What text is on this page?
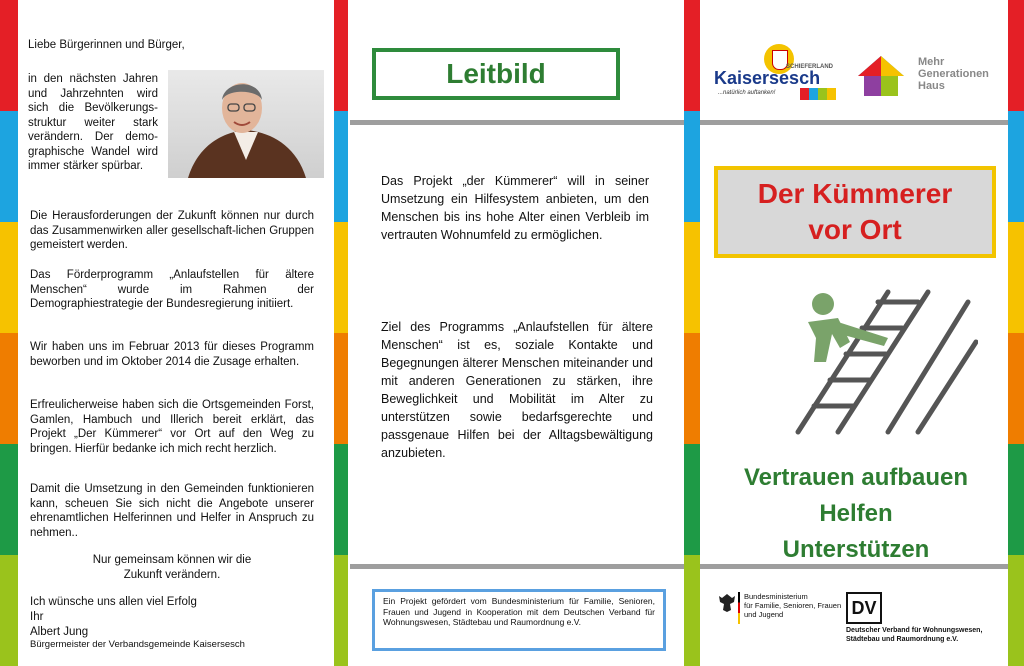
Liebe Bürgerinnen und Bürger,
in den nächsten Jahren und Jahrzehnten wird sich die Bevölkerungs-struktur weiter stark verändern. Der demo-graphische Wandel wird immer stärker spürbar.
Die Herausforderungen der Zukunft können nur durch das Zusammenwirken aller gesellschaft-lichen Gruppen gemeistert werden.
Das Förderprogramm „Anlaufstellen für ältere Menschen“ wurde im Rahmen der Demographiestrategie der Bundesregierung initiiert.
Wir haben uns im Februar 2013 für dieses Programm beworben und im Oktober 2014 die Zusage erhalten.
Erfreulicherweise haben sich die Ortsgemeinden Forst, Gamlen, Hambuch und Illerich bereit erklärt, das Projekt „Der Kümmerer“ vor Ort auf den Weg zu bringen. Hierfür bedanke ich mich recht herzlich.
Damit die Umsetzung in den Gemeinden funktionieren kann, scheuen Sie sich nicht die Angebote unserer ehrenamtlichen Helferinnen und Helfer in Anspruch zu nehmen..
Nur gemeinsam können wir die
Zukunft verändern.
Ich wünsche uns allen viel Erfolg
Ihr
Albert Jung
Bürgermeister der Verbandsgemeinde Kaisersesch
Leitbild
Das Projekt „der Kümmerer“ will in seiner Umsetzung ein Hilfesystem anbieten, um den Menschen bis ins hohe Alter einen Verbleib im vertrauten Wohnumfeld zu ermöglichen.
Ziel des Programms „Anlaufstellen für ältere Menschen“ ist es, soziale Kontakte und Begegnungen älterer Menschen miteinander und mit anderen Generationen zu stärken, ihre Beweglichkeit und Mobilität im Alter zu unterstützen sowie bedarfsgerechte und passgenaue Hilfen bei der Alltagsbewältigung anzubieten.
Ein Projekt gefördert vom Bundesministerium für Familie, Senioren, Frauen und Jugend in Kooperation mit dem Deutschen Verband für Wohnungswesen, Städtebau und Raumordnung e.V.
SCHIEFERLAND
Kaisersesch
...natürlich auftanken!
Mehr
Generationen
Haus
Der Kümmerer
vor Ort
Vertrauen aufbauen
Helfen
Unterstützen
Bundesministerium
für Familie, Senioren, Frauen
und Jugend	DV
Deutscher Verband für Wohnungswesen,
Städtebau und Raumordnung e.V.
